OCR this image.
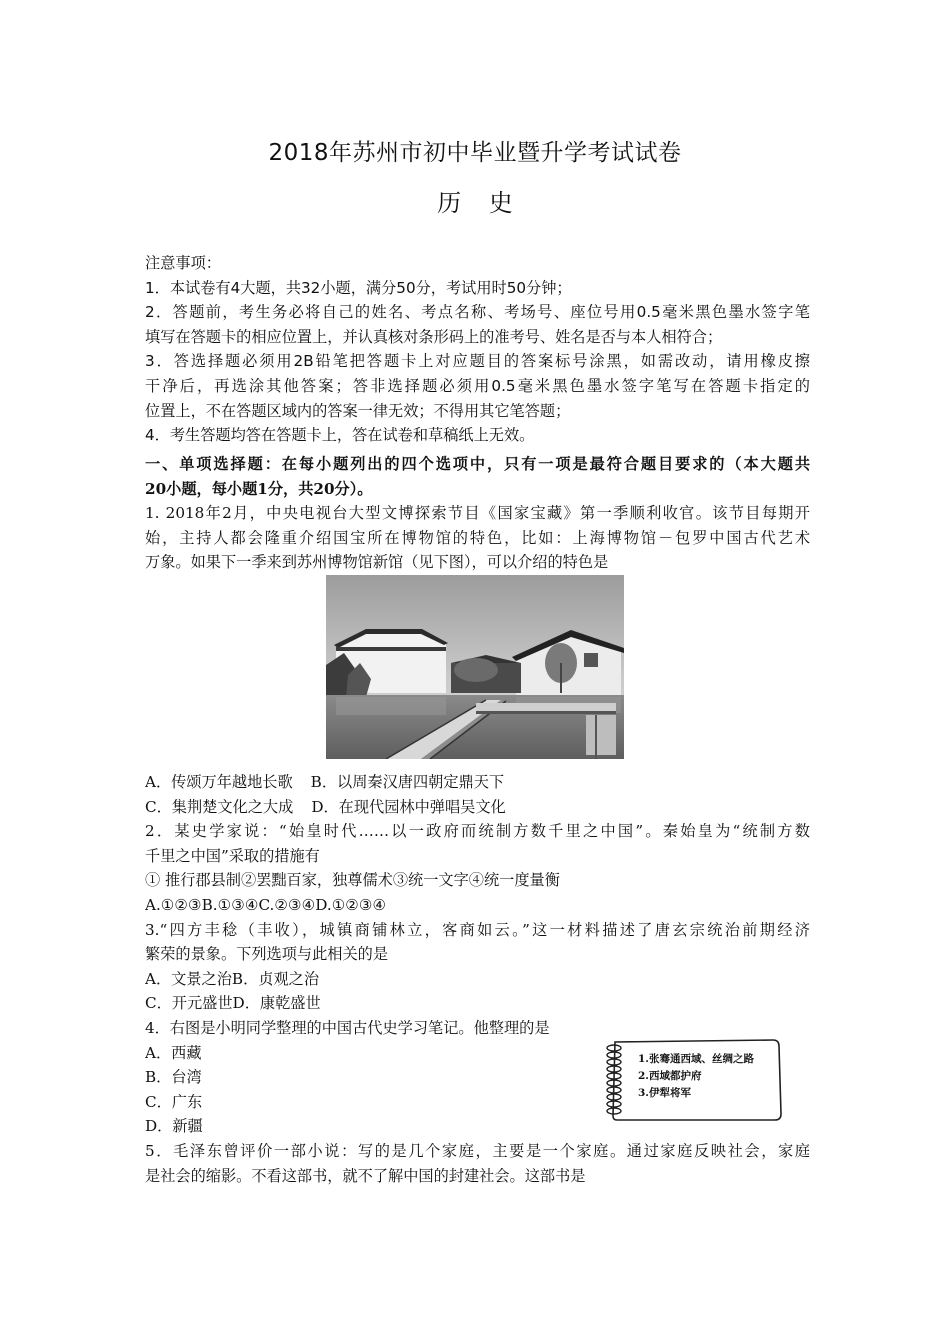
2018年苏州市初中毕业暨升学考试试卷
历 史
注意事项：
1．本试卷有4大题，共32小题，满分50分，考试用时50分钟；
2．答题前，考生务必将自己的姓名、考点名称、考场号、座位号用0.5毫米黑色墨水签字笔
填写在答题卡的相应位置上，并认真核对条形码上的准考号、姓名是否与本人相符合；
3．答选择题必须用2B铅笔把答题卡上对应题目的答案标号涂黑，如需改动，请用橡皮擦
干净后，再选涂其他答案；答非选择题必须用0.5毫米黑色墨水签字笔写在答题卡指定的
位置上，不在答题区域内的答案一律无效；不得用其它笔答题；
4．考生答题均答在答题卡上，答在试卷和草稿纸上无效。
一、单项选择题：在每小题列出的四个选项中，只有一项是最符合题目要求的（本大题共
20小题，每小题1分，共20分）。
1. 2018年2月，中央电视台大型文博探索节目《国家宝藏》第一季顺利收官。该节目每期开
始，主持人都会隆重介绍国宝所在博物馆的特色，比如：上海博物馆－包罗中国古代艺术
万象。如果下一季来到苏州博物馆新馆（见下图），可以介绍的特色是
A．传颂万年越地长歌 B．以周秦汉唐四朝定鼎天下
C．集荆楚文化之大成 D．在现代园林中弹唱吴文化
2．某史学家说：“始皇时代……以一政府而统制方数千里之中国”。秦始皇为“统制方数
千里之中国”采取的措施有
① 推行郡县制②罢黜百家，独尊儒术③统一文字④统一度量衡
A.①②③B.①③④C.②③④D.①②③④
3.“四方丰稔（丰收），城镇商铺林立，客商如云。”这一材料描述了唐玄宗统治前期经济
繁荣的景象。下列选项与此相关的是
A．文景之治B．贞观之治
C．开元盛世D．康乾盛世
4．右图是小明同学整理的中国古代史学习笔记。他整理的是
A．西藏
B．台湾
C．广东
D．新疆
5．毛泽东曾评价一部小说：写的是几个家庭，主要是一个家庭。通过家庭反映社会，家庭
是社会的缩影。不看这部书，就不了解中国的封建社会。这部书是
1.张骞通西域、丝绸之路
2.西域都护府
3.伊犁将军
